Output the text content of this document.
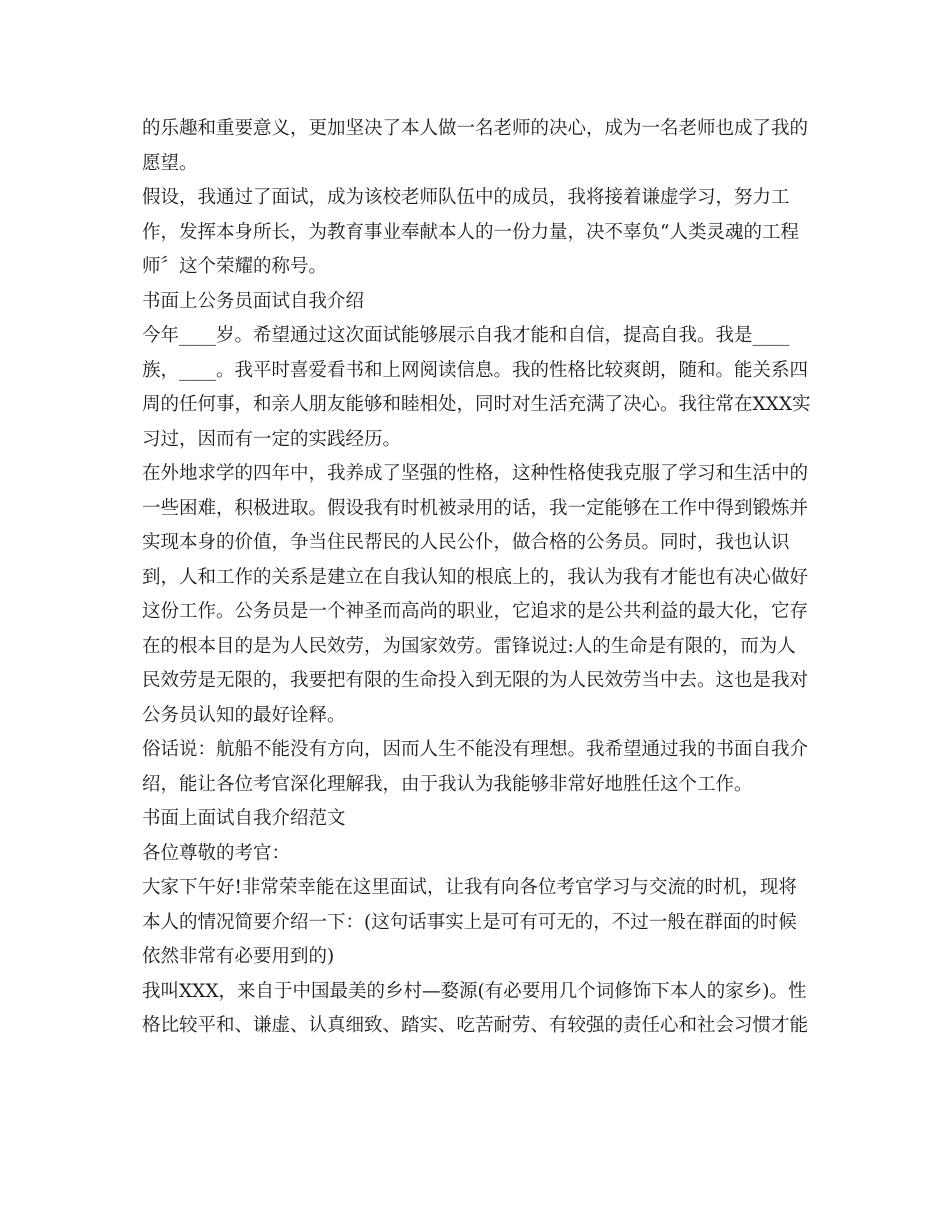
的乐趣和重要意义，更加坚决了本人做一名老师的决心，成为一名老师也成了我的
愿望。
假设，我通过了面试，成为该校老师队伍中的成员，我将接着谦虚学习，努力工
作，发挥本身所长，为教育事业奉献本人的一份力量，决不辜负“人类灵魂的工程
师〞这个荣耀的称号。
书面上公务员面试自我介绍
今年____岁。希望通过这次面试能够展示自我才能和自信，提高自我。我是____
族，____。我平时喜爱看书和上网阅读信息。我的性格比较爽朗，随和。能关系四
周的任何事，和亲人朋友能够和睦相处，同时对生活充满了决心。我往常在XXX实
习过，因而有一定的实践经历。
在外地求学的四年中，我养成了坚强的性格，这种性格使我克服了学习和生活中的
一些困难，积极进取。假设我有时机被录用的话，我一定能够在工作中得到锻炼并
实现本身的价值，争当住民帮民的人民公仆，做合格的公务员。同时，我也认识
到，人和工作的关系是建立在自我认知的根底上的，我认为我有才能也有决心做好
这份工作。公务员是一个神圣而高尚的职业，它追求的是公共利益的最大化，它存
在的根本目的是为人民效劳，为国家效劳。雷锋说过:人的生命是有限的，而为人
民效劳是无限的，我要把有限的生命投入到无限的为人民效劳当中去。这也是我对
公务员认知的最好诠释。
俗话说：航船不能没有方向，因而人生不能没有理想。我希望通过我的书面自我介
绍，能让各位考官深化理解我，由于我认为我能够非常好地胜任这个工作。
书面上面试自我介绍范文
各位尊敬的考官：
大家下午好!非常荣幸能在这里面试，让我有向各位考官学习与交流的时机，现将
本人的情况简要介绍一下：(这句话事实上是可有可无的，不过一般在群面的时候
依然非常有必要用到的)
我叫XXX，来自于中国最美的乡村—婺源(有必要用几个词修饰下本人的家乡)。性
格比较平和、谦虚、认真细致、踏实、吃苦耐劳、有较强的责任心和社会习惯才能
